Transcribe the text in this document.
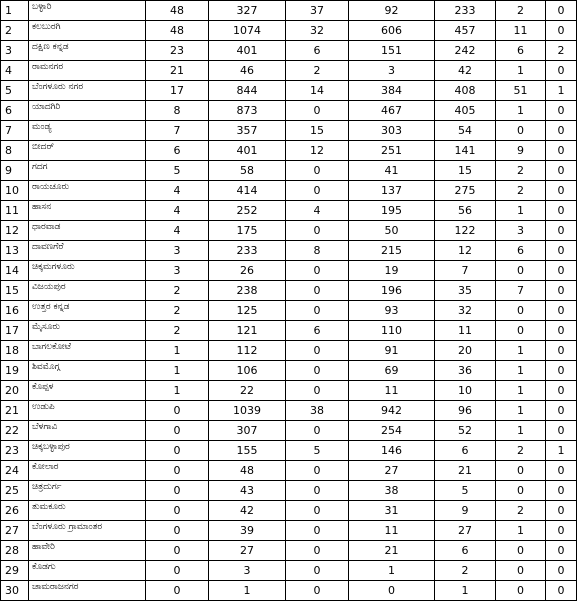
1	ಬಳ್ಳಾರಿ	48	327	37	92	233	2	0
2	ಕಲಬುರಗಿ	48	1074	32	606	457	11	0
3	ದಕ್ಷಿಣ ಕನ್ನಡ	23	401	6	151	242	6	2
4	ರಾಮನಗರ	21	46	2	3	42	1	0
5	ಬೆಂಗಳೂರು ನಗರ	17	844	14	384	408	51	1
6	ಯಾದಗಿರಿ	8	873	0	467	405	1	0
7	ಮಂಡ್ಯ	7	357	15	303	54	0	0
8	ಬೀದರ್	6	401	12	251	141	9	0
9	ಗದಗ	5	58	0	41	15	2	0
10	ರಾಯಚೂರು	4	414	0	137	275	2	0
11	ಹಾಸನ	4	252	4	195	56	1	0
12	ಧಾರವಾಡ	4	175	0	50	122	3	0
13	ದಾವಣಗೆರೆ	3	233	8	215	12	6	0
14	ಚಿಕ್ಕಮಗಳೂರು	3	26	0	19	7	0	0
15	ವಿಜಯಪುರ	2	238	0	196	35	7	0
16	ಉತ್ತರ ಕನ್ನಡ	2	125	0	93	32	0	0
17	ಮೈಸೂರು	2	121	6	110	11	0	0
18	ಬಾಗಲಕೋಟೆ	1	112	0	91	20	1	0
19	ಶಿವಮೊಗ್ಗ	1	106	0	69	36	1	0
20	ಕೊಪ್ಪಳ	1	22	0	11	10	1	0
21	ಉಡುಪಿ	0	1039	38	942	96	1	0
22	ಬೆಳಗಾವಿ	0	307	0	254	52	1	0
23	ಚಿಕ್ಕಬಳ್ಳಾಪುರ	0	155	5	146	6	2	1
24	ಕೋಲಾರ	0	48	0	27	21	0	0
25	ಚಿತ್ರದುರ್ಗ	0	43	0	38	5	0	0
26	ತುಮಕೂರು	0	42	0	31	9	2	0
27	ಬೆಂಗಳೂರು ಗ್ರಾಮಾಂತರ	0	39	0	11	27	1	0
28	ಹಾವೇರಿ	0	27	0	21	6	0	0
29	ಕೊಡಗು	0	3	0	1	2	0	0
30	ಚಾಮರಾಜನಗರ	0	1	0	0	1	0	0
